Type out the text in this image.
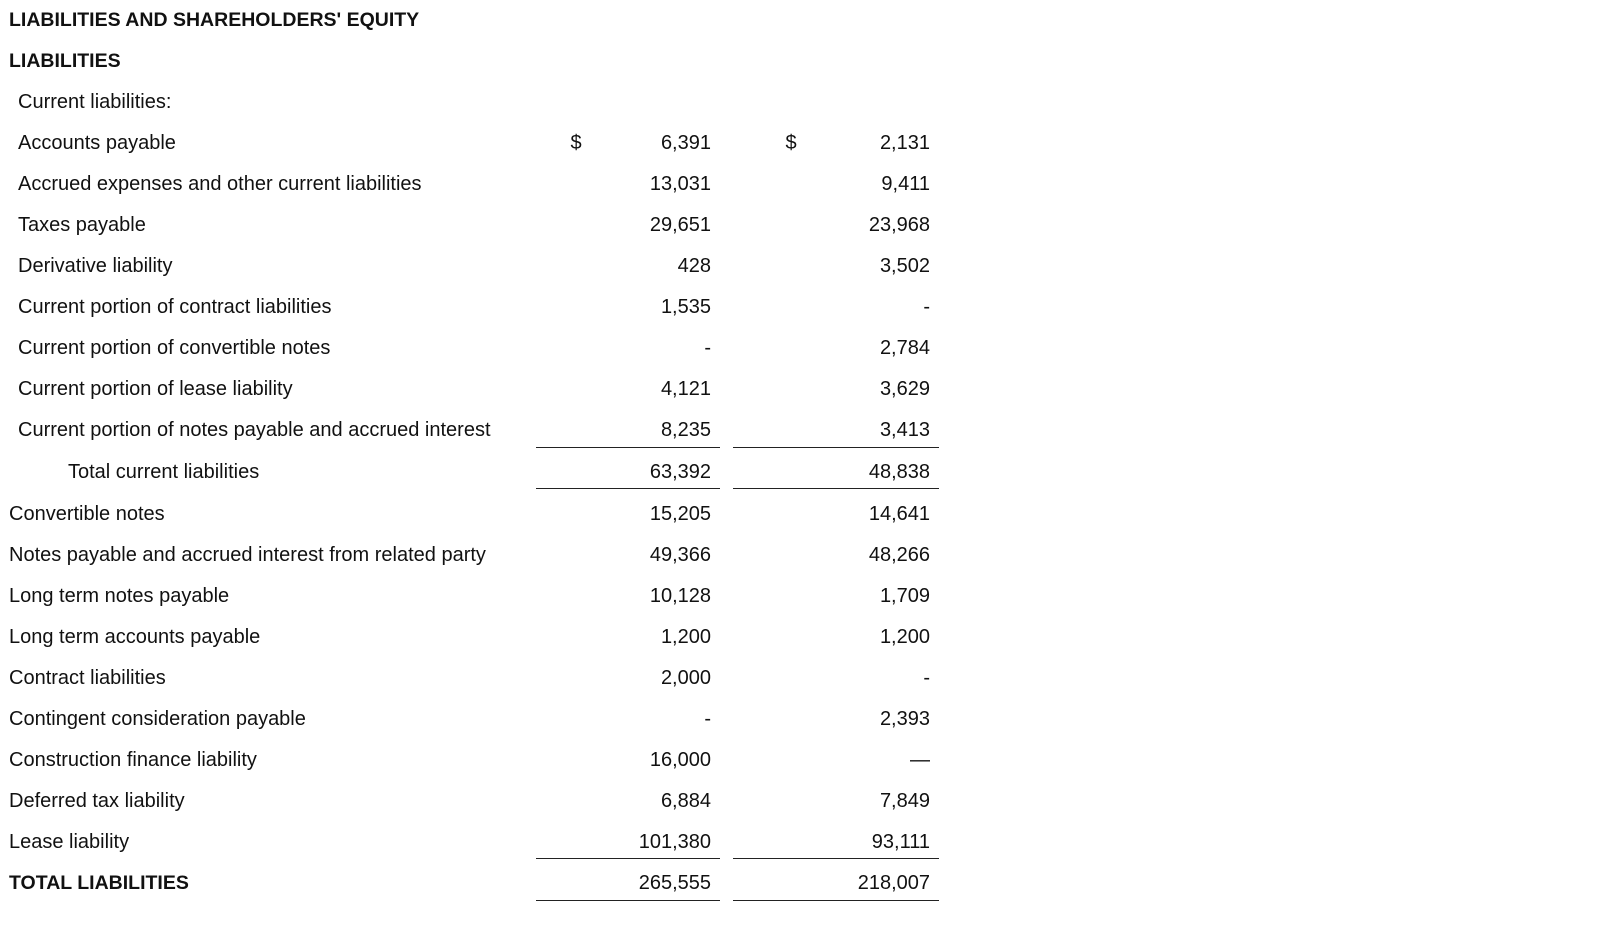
LIABILITIES AND SHAREHOLDERS' EQUITY
LIABILITIES
Current liabilities:
Accounts payable	$	6,391	$	2,131
Accrued expenses and other current liabilities	13,031	9,411
Taxes payable	29,651	23,968
Derivative liability	428	3,502
Current portion of contract liabilities	1,535	-
Current portion of convertible notes	-	2,784
Current portion of lease liability	4,121	3,629
Current portion of notes payable and accrued interest	8,235	3,413
Total current liabilities	63,392	48,838
Convertible notes	15,205	14,641
Notes payable and accrued interest from related party	49,366	48,266
Long term notes payable	10,128	1,709
Long term accounts payable	1,200	1,200
Contract liabilities	2,000	-
Contingent consideration payable	-	2,393
Construction finance liability	16,000	—
Deferred tax liability	6,884	7,849
Lease liability	101,380	93,111
TOTAL LIABILITIES	265,555	218,007
